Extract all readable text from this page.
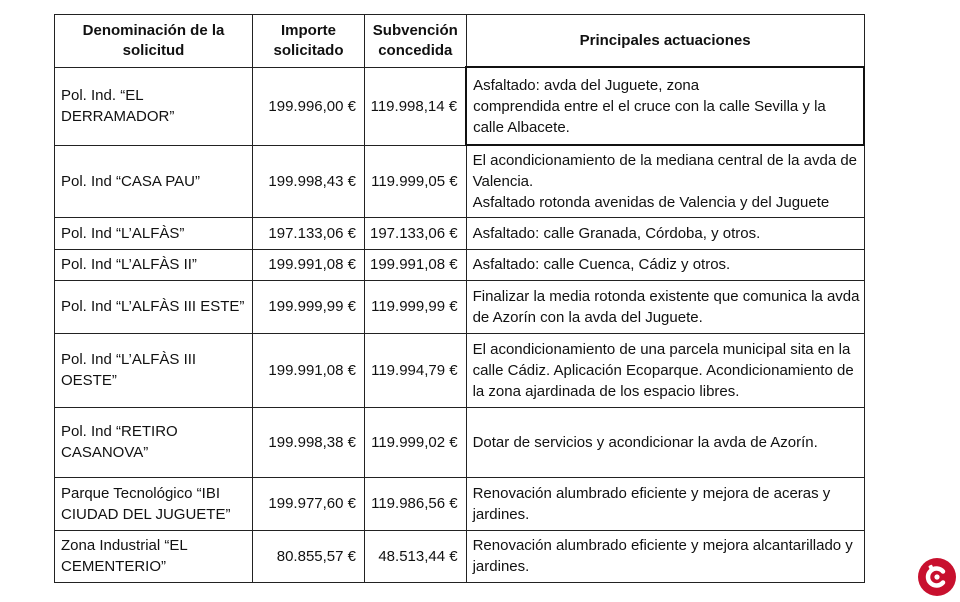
Denominación de la solicitud	Importe solicitado	Subvención concedida	Principales actuaciones
Pol. Ind. “EL DERRAMADOR”	199.996,00 €	119.998,14 €	Asfaltado: avda del Juguete, zona
comprendida entre el el cruce con la calle Sevilla y la calle Albacete.
Pol. Ind “CASA PAU”	199.998,43 €	119.999,05 €	El acondicionamiento de la mediana central de la avda de Valencia.
Asfaltado rotonda avenidas de Valencia y del Juguete
Pol. Ind “L’ALFÀS”	197.133,06 €	197.133,06 €	Asfaltado: calle Granada, Córdoba, y otros.
Pol. Ind “L’ALFÀS II”	199.991,08 €	199.991,08 €	Asfaltado: calle Cuenca, Cádiz y otros.
Pol. Ind “L’ALFÀS III ESTE”	199.999,99 €	119.999,99 €	Finalizar la media rotonda existente que comunica la avda de Azorín con la avda del Juguete.
Pol. Ind “L’ALFÀS III OESTE”	199.991,08 €	119.994,79 €	El acondicionamiento de una parcela municipal sita en la calle Cádiz. Aplicación Ecoparque. Acondicionamiento de la zona ajardinada de los espacio libres.
Pol. Ind “RETIRO CASANOVA”	199.998,38 €	119.999,02 €	Dotar de servicios y acondicionar la avda de Azorín.
Parque Tecnológico “IBI CIUDAD DEL JUGUETE”	199.977,60 €	119.986,56 €	Renovación alumbrado eficiente y mejora de aceras y jardines.
Zona Industrial “EL CEMENTERIO”	80.855,57 €	48.513,44 €	Renovación alumbrado eficiente y mejora alcantarillado y jardines.
